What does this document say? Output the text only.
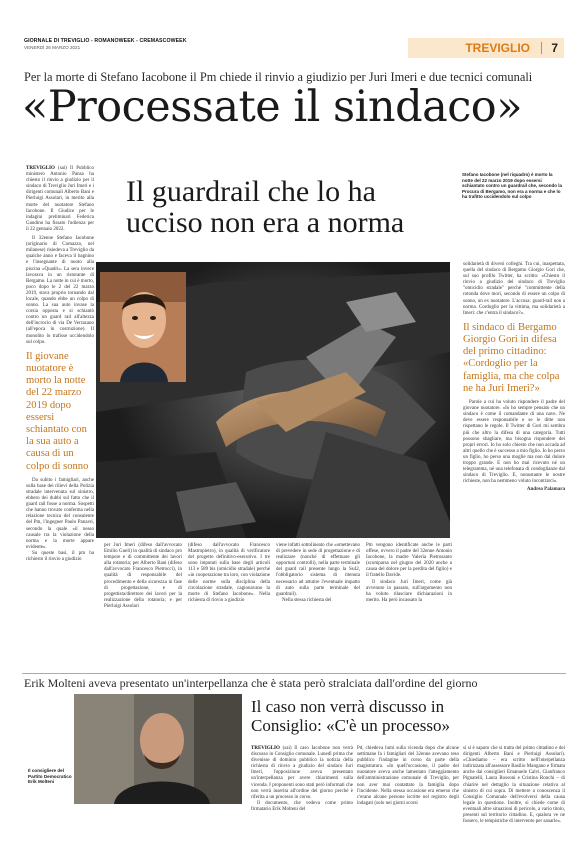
GIORNALE DI TREVIGLIO - ROMANOWEEK - CREMASCOWEEK
VENERDÌ 26 MARZO 2021	TREVIGLIO 7
Per la morte di Stefano Iacobone il Pm chiede il rinvio a giudizio per Juri Imeri e due tecnici comunali
«Processate il sindaco»

TREVIGLIO (sai) Il Pubblico ministero Antonio Pansa ha chiesto il rinvio a giudizio per il sindaco di Treviglio Juri Imeri e i dirigenti comunali Alberto Bani e Pierluigi Assolari, in merito alla morte del nuotatore Stefano Iacobone. Il Giudice per le indagini preliminari Federica Gaudino ha fissato l'udienza per il 22 gennaio 2022.

Il 32enne Stefano Iacobone (originario di Comazzo, nel milanese) risiedeva a Treviglio da qualche anno e faceva il bagnino e l'insegnante di nuoto alla piscina «Quadri». La sera invece lavorava in un ristorante di Bergamo. La notte in cui è morto, poco dopo le 2 del 22 marzo 2019, stava proprio tornando dal locale, quando ebbe un colpo di sonno. La sua auto invase la corsia opposta e si schiantò contro un guard rail all'altezza dell'incrocio di via De Verrazano (all'epoca in costruzione). Il monolito lo trafisse uccidendolo sul colpo.

Il giovane nuotatore è morto la notte del 22 marzo 2019 dopo essersi schiantato con la sua auto a causa di un colpo di sonno

Da subito i famigliari, anche sulla base dei rilievi della Polizia stradale intervenuta sul sinistro, ebbero dei dubbi sul fatto che il guard rail fosse a norma. Sospetti che hanno trovato conferma nella relazione tecnica del consulente del Pm, l'ingegner Paolo Panzeri, secondo la quale «il nesso causale tra la violazione della norma e la morte appare evidente».

Su queste basi, il pm ha richiesto il rinvio a giudizio

Il guardrail che lo ha ucciso non era a norma
Stefano Iacobone (nel riquadro) è morto la notte del 22 marzo 2019 dopo essersi schiantato contro un guardrail che, secondo la Procura di Bergamo, non era a norma e che lo ha trafitto uccidendolo sul colpo

solidarietà di diversi colleghi. Tra cui, inaspettata, quella del sindaco di Bergamo Giorgio Gori che, sul suo profilo Twitter, ha scritto: «Chiesto il rinvio a giudizio del sindaco di Treviglio "omicidio stradale" perché "committente della rotonda dove morì, secondo di essere un colpo di sonno, un ex nuotatore. L'accusa: guard-rail non a norma. Cordoglio per la vittima, ma solidarietà a Imeri: che c'entra il sindaco?».

Il sindaco di Bergamo Giorgio Gori in difesa del primo cittadino: «Cordoglio per la famiglia, ma che colpa ne ha Juri Imeri?»

Parole a cui ha voluto rispondere il padre del giovane nuotatore. «Io ho sempre pensato che un sindaco è come il comandante di una nave. Ne deve essere responsabile e se le ditte non rispettano le regole. Il Twitter di Gori mi sembra più che altro la difesa di una categoria. Tutti possono sbagliare, ma bisogna rispondere dei propri errori. Io ho solo chiesto che non accada ad altri quello che è successo a mio figlio. Io ho perso un figlio, ho perso una moglie ma non dal dolore troppo grande. E non ho mai ricevuto né un telegramma, né una telefonata di condoglianze dal sindaco di Treviglio. E, nonostante le nostre richieste, non ha nemmeno voluto incontrarci».

Andrea Palamara

per Juri Imeri (difeso dall'avvocato Emilio Gueli) in qualità di sindaco pro tempore e di committente dei lavori alla rotatoria; per Alberto Bani (difeso dall'avvocato Francesco Pietrocci), in qualità di responsabile del procedimento e della sicurezza in fase di progettazione, e di progettista/direttore dei lavori per la realizzazione della rotatoria; e per Pierluigi Assolari

(difeso dall'avvocato Francesco Mastropietro), in qualità di verificatore del progetto definitivo-esecutivo. I tre sono imputati sulla base degli articoli 113 e 589 bis (omicidio stradale) perché «in cooperazione tra loro, con violazione delle norme sulla disciplina della circolazione stradale, cagionavano la morte di Stefano Iacobone». Nella richiesta di rinvio a giudizio

viene infatti sottolineato che «omettevano di prevedere in sede di progettazione e di realizzare (nonché di effettuare gli opportuni controlli), nella parte terminale del guard rail presente lungo la Ss42, l'obbligatorio sistema di ritenuta necessario ad attutire l'eventuale impatto di auto sulla parte terminale del guardrail).

Nella stessa richiesta del

Pm vengono identificate anche le parti offese, ovvero il padre del 32enne Antonio Iacobone, la madre Valeria Pietrosanto (scomparsa nel giugno del 2020 anche a causa del dolore per la perdita del figlio) e il fratello Davide.

Il sindaco Juri Imeri, come già avvenuto in passato, sull'argomento non ha voluto rilasciare dichiarazioni in merito. Ha però incassato la

Erik Molteni aveva presentato un'interpellanza che è stata però stralciata dall'ordine del giorno
Il consigliere del Partito Democratico Erik Molteni
Il caso non verrà discusso in Consiglio: «C'è un processo»

TREVIGLIO (sai) Il caso Iacobone non verrà discusso in Consiglio comunale. Lunedì prima che divenisse di dominio pubblico la notizia della richiesta di rinvio a giudizio del sindaco Juri Imeri, l'opposizione aveva presentato un'interpellanza per avere chiarimenti sulla vicenda. I proponenti sono stati però informati che non verrà inserita all'ordine del giorno perché è riferita a un processo in corso.

Il documento, che vedeva come primo firmatario Erik Molteni del

Pd, chiedeva lumi sulla vicenda dopo che alcune settimane fa i famigliari del 32enne avevano reso pubblico l'indagine in corso da parte della magistratura. «In quell'occasione, il padre del nuotatore aveva anche lamentato l'atteggiamento dell'amministrazione comunale di Treviglio, per non aver mai contattato la famiglia dopo l'incidente. Nella stessa occasione era emerso che c'erano alcune persone iscritte nel registro degli indagati (solo nei giorni scorsi

si si è saputo che si tratta del primo cittadino e dei dirigenti Alberto Bani e Pierluigi Assolari). «Chiediamo – era scritto nell'interpellanza indirizzata all'assessore Basilio Mangano e firmata anche dai consiglieri Emanuele Calvi, Gianfranco Pignatelli, Laura Rossoni e Cristina Ronchi – di chiarire nel dettaglio la situazione relativa al sinistro di cui sopra. Di mettere a conoscenza il Consiglio Comunale dell'evolversi della causa legale in questione. Inoltre, si chiede come di eventuali altre situazioni di pericolo, a vario titolo, presenti sul territorio cittadino. E, qualora ve ne fossero, le tempistiche di intervento per sanarle».
